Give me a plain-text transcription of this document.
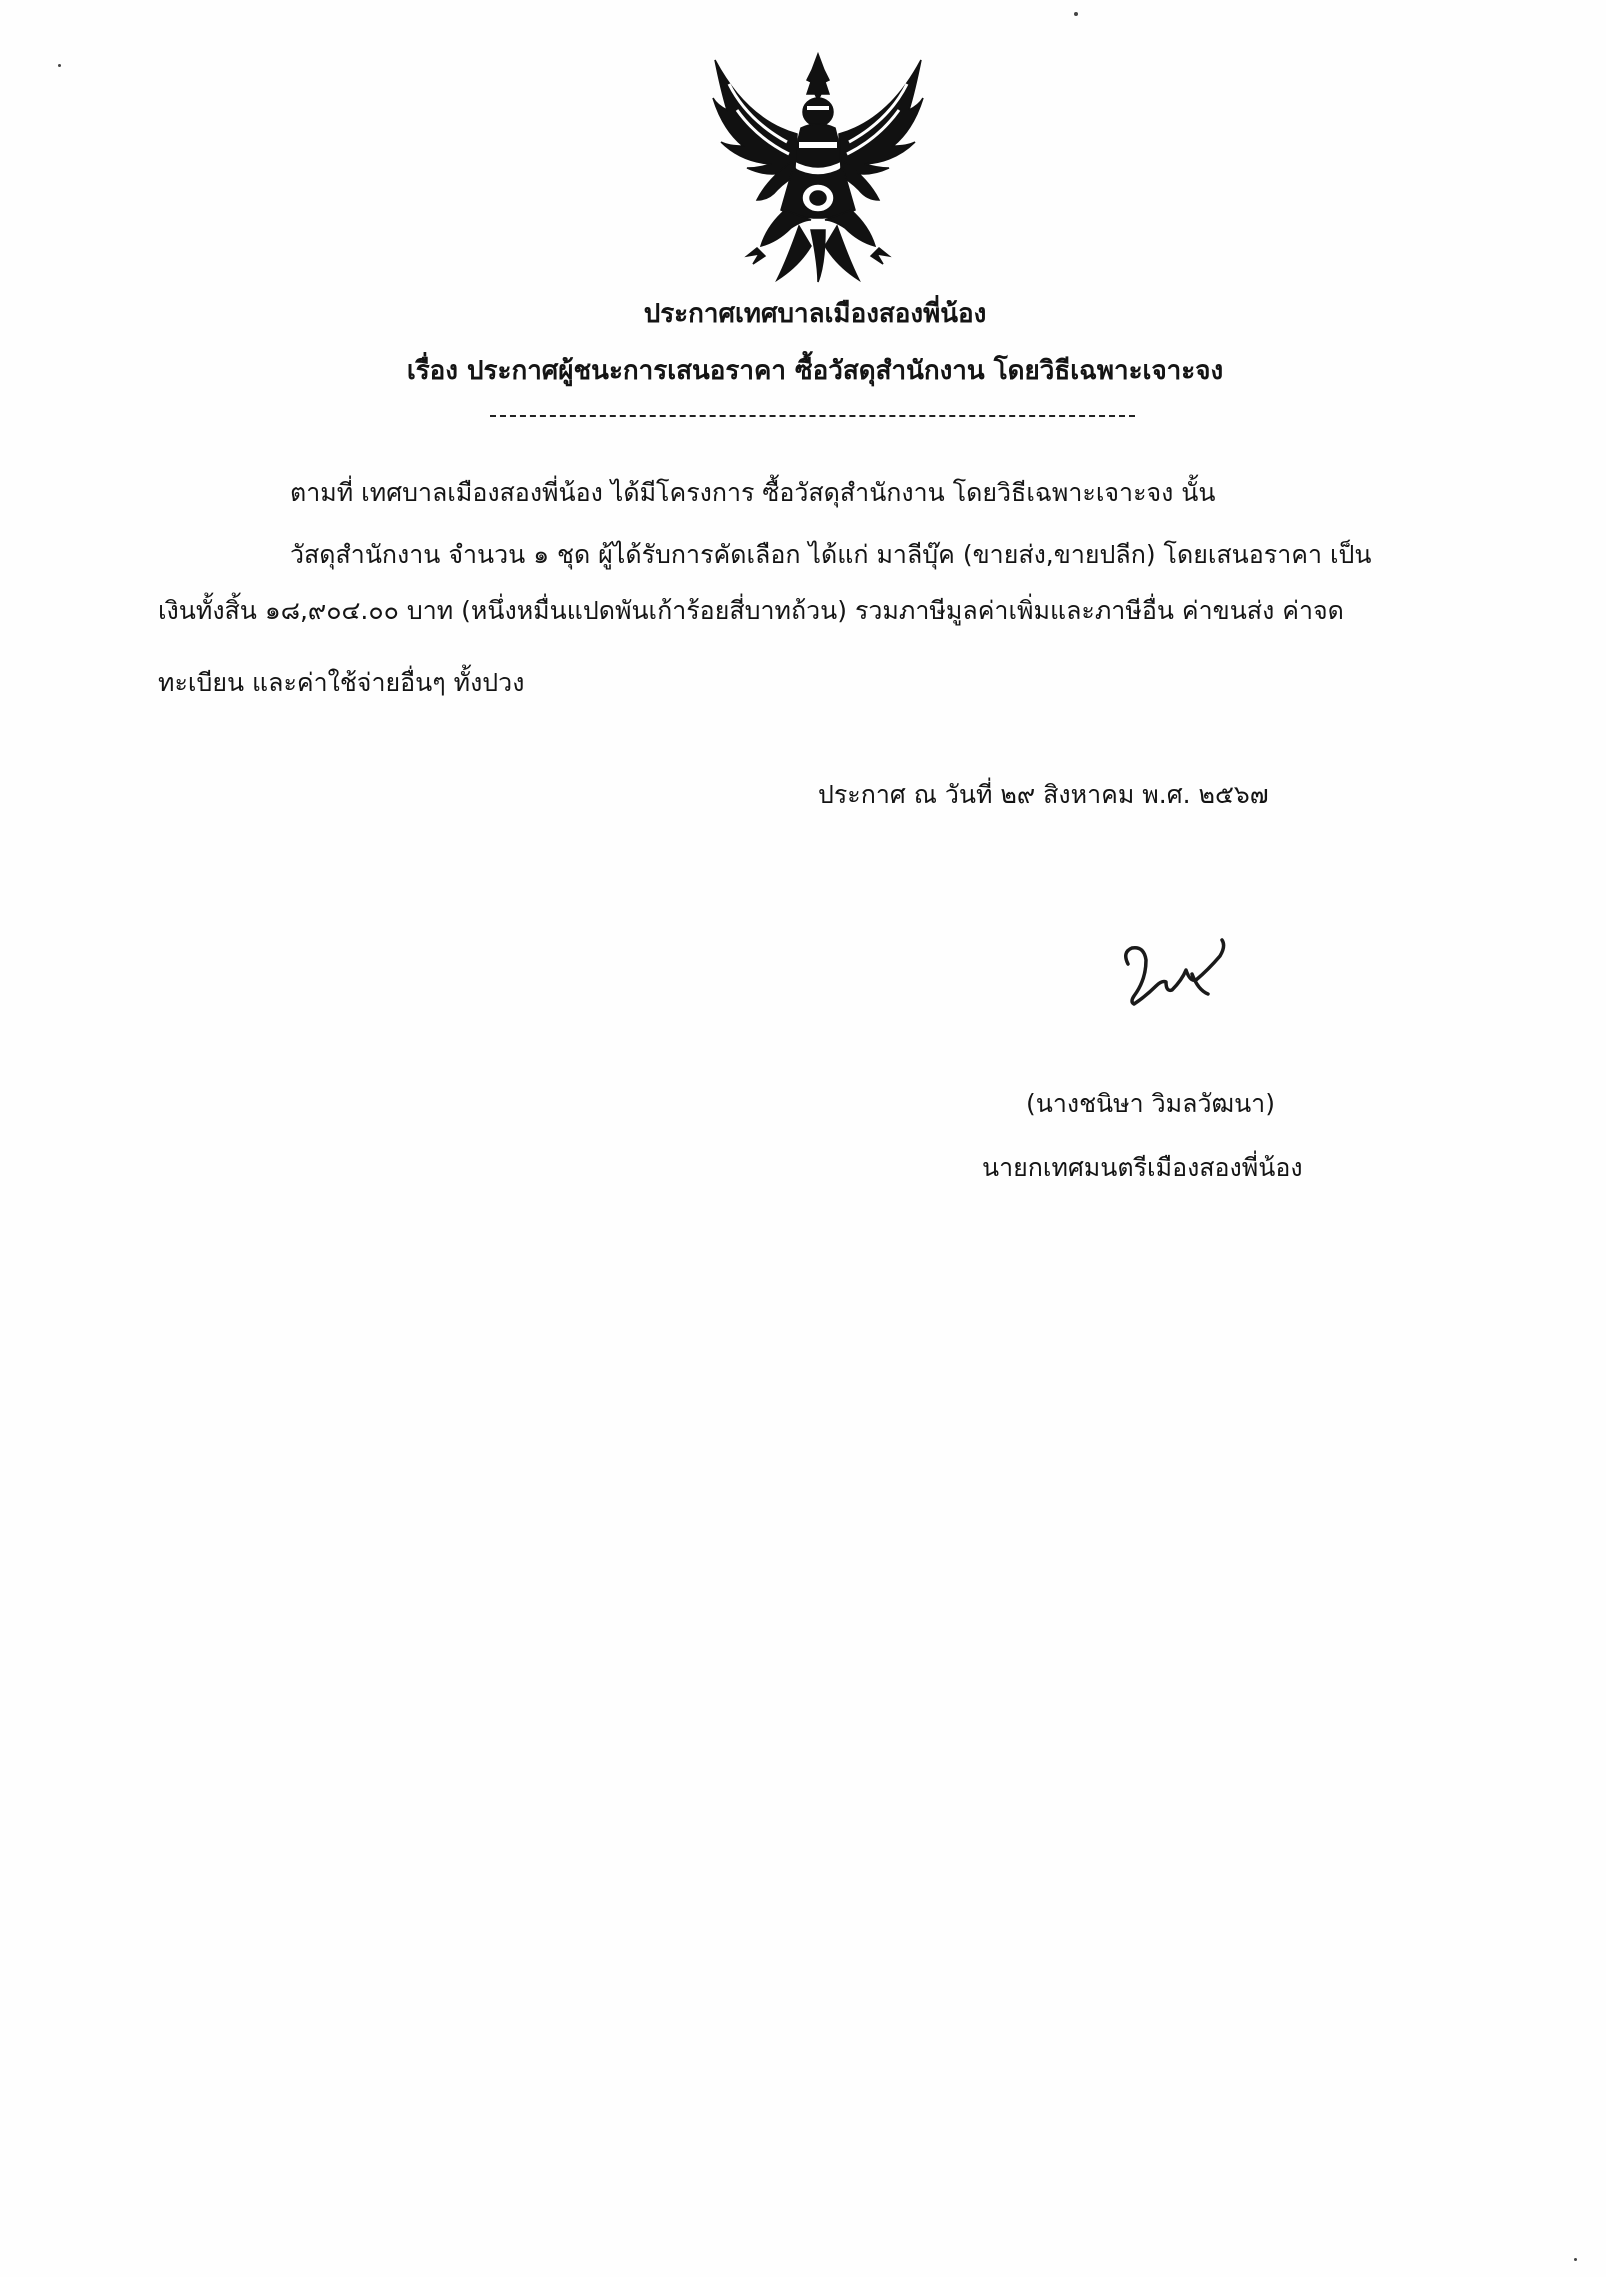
ประกาศเทศบาลเมืองสองพี่น้อง
เรื่อง ประกาศผู้ชนะการเสนอราคา ซื้อวัสดุสำนักงาน โดยวิธีเฉพาะเจาะจง
ตามที่ เทศบาลเมืองสองพี่น้อง ได้มีโครงการ ซื้อวัสดุสำนักงาน โดยวิธีเฉพาะเจาะจง นั้น
วัสดุสำนักงาน จำนวน ๑ ชุด ผู้ได้รับการคัดเลือก ได้แก่ มาลีบุ๊ค (ขายส่ง,ขายปลีก) โดยเสนอราคา เป็น
เงินทั้งสิ้น ๑๘,๙๐๔.๐๐ บาท (หนึ่งหมื่นแปดพันเก้าร้อยสี่บาทถ้วน) รวมภาษีมูลค่าเพิ่มและภาษีอื่น ค่าขนส่ง ค่าจด
ทะเบียน และค่าใช้จ่ายอื่นๆ ทั้งปวง
ประกาศ ณ วันที่ ๒๙ สิงหาคม พ.ศ. ๒๕๖๗
(นางชนิษา วิมลวัฒนา)
นายกเทศมนตรีเมืองสองพี่น้อง
